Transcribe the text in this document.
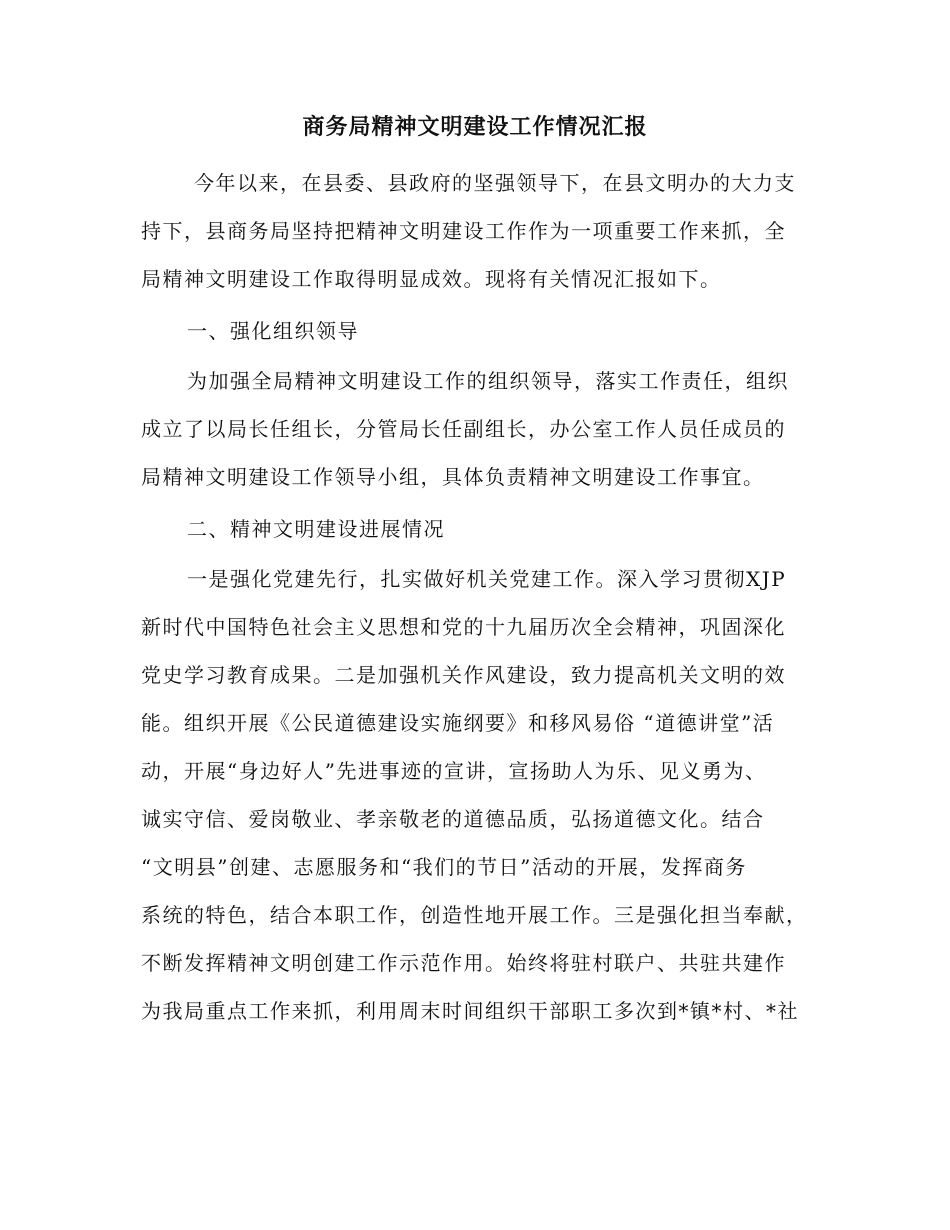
商务局精神文明建设工作情况汇报

今年以来，在县委、县政府的坚强领导下，在县文明办的大力支

持下，县商务局坚持把精神文明建设工作作为一项重要工作来抓，全

局精神文明建设工作取得明显成效。现将有关情况汇报如下。

一、强化组织领导

为加强全局精神文明建设工作的组织领导，落实工作责任，组织

成立了以局长任组长，分管局长任副组长，办公室工作人员任成员的

局精神文明建设工作领导小组，具体负责精神文明建设工作事宜。

二、精神文明建设进展情况

一是强化党建先行，扎实做好机关党建工作。深入学习贯彻XJP

新时代中国特色社会主义思想和党的十九届历次全会精神，巩固深化

党史学习教育成果。二是加强机关作风建设，致力提高机关文明的效

能。组织开展《公民道德建设实施纲要》和移风易俗 “道德讲堂”活

动，开展“身边好人”先进事迹的宣讲，宣扬助人为乐、见义勇为、

诚实守信、爱岗敬业、孝亲敬老的道德品质，弘扬道德文化。结合

“文明县”创建、志愿服务和“我们的节日”活动的开展，发挥商务

系统的特色，结合本职工作，创造性地开展工作。三是强化担当奉献，

不断发挥精神文明创建工作示范作用。始终将驻村联户、共驻共建作

为我局重点工作来抓，利用周末时间组织干部职工多次到*镇*村、*社
